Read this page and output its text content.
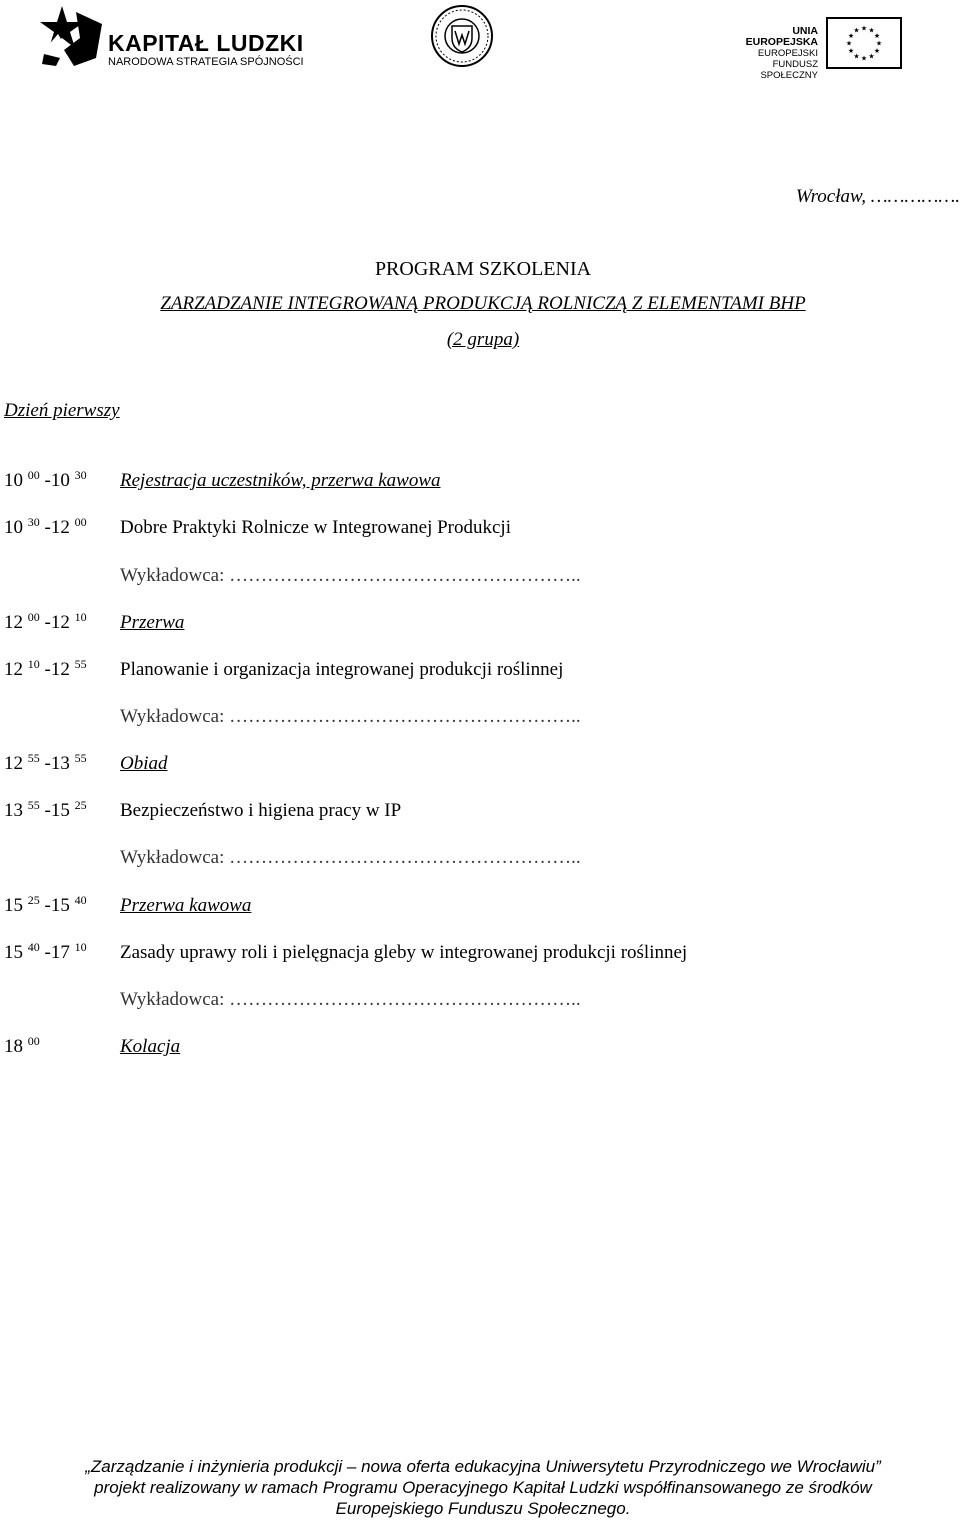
KAPITAŁ LUDZKI
NARODOWA STRATEGIA SPÓJNOŚCI
UNIA EUROPEJSKA
EUROPEJSKI
FUNDUSZ SPOŁECZNY
★ ★
★
★
★
★
★
★
★
★
★
★
Wrocław, …………….
PROGRAM SZKOLENIA
ZARZADZANIE INTEGROWANĄ PRODUKCJĄ ROLNICZĄ Z ELEMENTAMI BHP
(2 grupa)
Dzień pierwszy
10 $^{00}$ -10 $^{30}$ Rejestracja uczestników, przerwa kawowa
10 $^{30}$ -12 $^{00}$ Dobre Praktyki Rolnicze w Integrowanej Produkcji
Wykładowca: ………………………………………………..
12 $^{00}$ -12 $^{10}$ Przerwa
12 $^{10}$ -12 $^{55}$ Planowanie i organizacja integrowanej produkcji roślinnej
Wykładowca: ………………………………………………..
12 $^{55}$ -13 $^{55}$ Obiad
13 $^{55}$ -15 $^{25}$ Bezpieczeństwo i higiena pracy w IP
Wykładowca: ………………………………………………..
15 $^{25}$ -15 $^{40}$ Przerwa kawowa
15 $^{40}$ -17 $^{10}$ Zasady uprawy roli i pielęgnacja gleby w integrowanej produkcji roślinnej
Wykładowca: ………………………………………………..
18 $^{00}$	Kolacja
„Zarządzanie i inżynieria produkcji – nowa oferta edukacyjna Uniwersytetu Przyrodniczego we Wrocławiu”
projekt realizowany w ramach Programu Operacyjnego Kapitał Ludzki współfinansowanego ze środków
Europejskiego Funduszu Społecznego.
